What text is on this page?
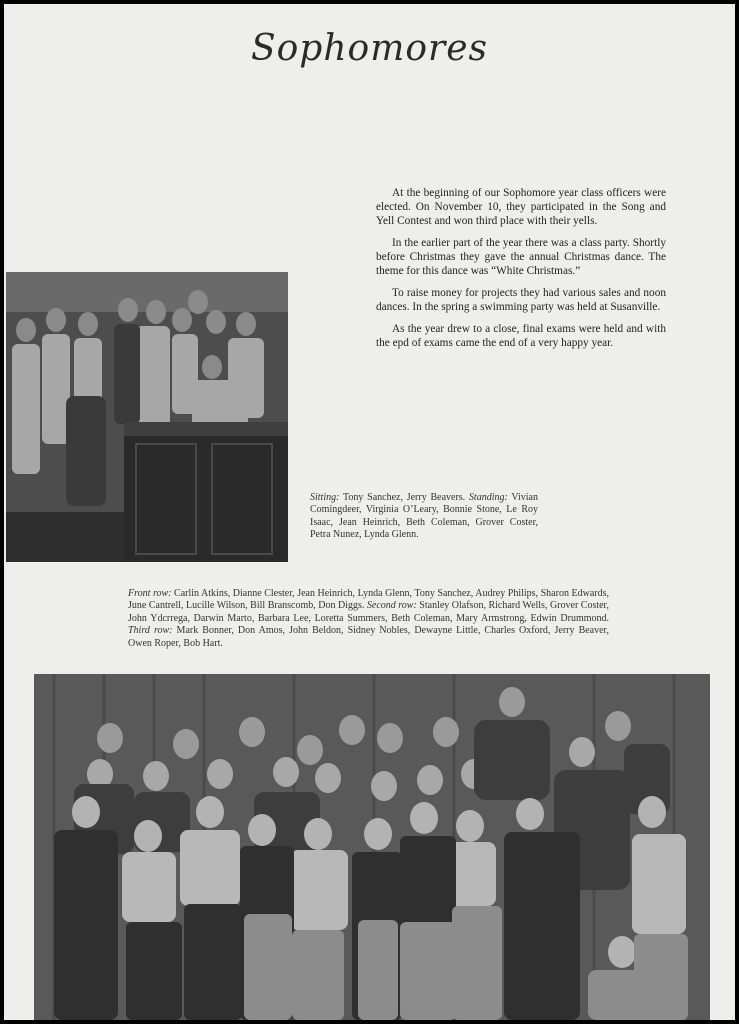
Sophomores

At the beginning of our Sophomore year class officers were elected. On November 10, they participated in the Song and Yell Contest and won third place with their yells.

In the earlier part of the year there was a class party. Shortly before Christmas they gave the annual Christmas dance. The theme for this dance was “White Christmas.”

To raise money for projects they had various sales and noon dances. In the spring a swimming party was held at Susanville.

As the year drew to a close, final exams were held and with the epd of exams came the end of a very happy year.

Sitting: Tony Sanchez, Jerry Beavers. Standing: Vivian Comingdeer, Virginia O’Leary, Bonnie Stone, Le Roy Isaac, Jean Heinrich, Beth Coleman, Grover Coster, Petra Nunez, Lynda Glenn.
Front row: Carlin Atkins, Dianne Clester, Jean Heinrich, Lynda Glenn, Tony Sanchez, Audrey Philips, Sharon Edwards, June Cantrell, Lucille Wilson, Bill Branscomb, Don Diggs. Second row: Stanley Olafson, Richard Wells, Grover Coster, John Ydcrrega, Darwin Marto, Barbara Lee, Loretta Summers, Beth Coleman, Mary Armstrong, Edwin Drummond. Third row: Mark Bonner, Don Amos, John Beldon, Sidney Nobles, Dewayne Little, Charles Oxford, Jerry Beaver, Owen Roper, Bob Hart.
